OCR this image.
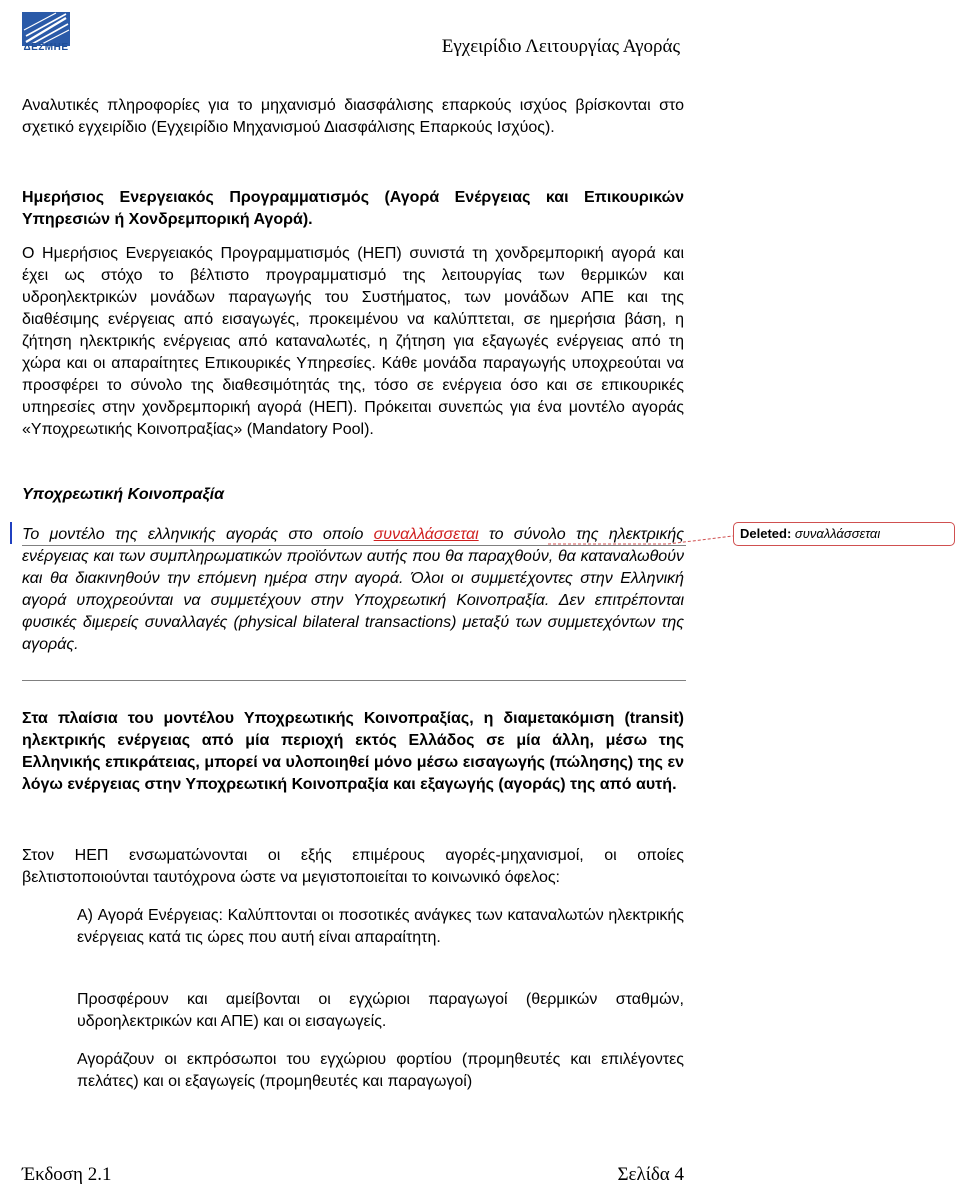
ΔΕΣΜΗΕ	Εγχειρίδιο Λειτουργίας Αγοράς
Αναλυτικές πληροφορίες για το μηχανισμό διασφάλισης επαρκούς ισχύος βρίσκονται στο σχετικό εγχειρίδιο (Εγχειρίδιο Μηχανισμού Διασφάλισης Επαρκούς Ισχύος).
Ημερήσιος Ενεργειακός Προγραμματισμός (Αγορά Ενέργειας και Επικουρικών Υπηρεσιών ή Χονδρεμπορική Αγορά).
Ο Ημερήσιος Ενεργειακός Προγραμματισμός (ΗΕΠ) συνιστά τη χονδρεμπορική αγορά και έχει ως στόχο το βέλτιστο προγραμματισμό της λειτουργίας των θερμικών και υδροηλεκτρικών μονάδων παραγωγής του Συστήματος, των μονάδων ΑΠΕ και της διαθέσιμης ενέργειας από εισαγωγές, προκειμένου να καλύπτεται, σε ημερήσια βάση, η ζήτηση ηλεκτρικής ενέργειας από καταναλωτές, η ζήτηση για εξαγωγές ενέργειας από τη χώρα και οι απαραίτητες Επικουρικές Υπηρεσίες. Κάθε μονάδα παραγωγής υποχρεούται να προσφέρει το σύνολο της διαθεσιμότητάς της, τόσο σε ενέργεια όσο και σε επικουρικές υπηρεσίες στην χονδρεμπορική αγορά (ΗΕΠ). Πρόκειται συνεπώς για ένα μοντέλο αγοράς «Υποχρεωτικής Κοινοπραξίας» (Mandatory Pool).
Υποχρεωτική Κοινοπραξία
Το μοντέλο της ελληνικής αγοράς στο οποίο συναλλάσσεται το σύνολο της ηλεκτρικής ενέργειας και των συμπληρωματικών προϊόντων αυτής που θα παραχθούν, θα καταναλωθούν και θα διακινηθούν την επόμενη ημέρα στην αγορά. Όλοι οι συμμετέχοντες στην Ελληνική αγορά υποχρεούνται να συμμετέχουν στην Υποχρεωτική Κοινοπραξία. Δεν επιτρέπονται φυσικές διμερείς συναλλαγές (physical bilateral transactions) μεταξύ των συμμετεχόντων της αγοράς.
Deleted: συναλλάσσεται
Στα πλαίσια του μοντέλου Υποχρεωτικής Κοινοπραξίας, η διαμετακόμιση (transit) ηλεκτρικής ενέργειας από μία περιοχή εκτός Ελλάδος σε μία άλλη, μέσω της Ελληνικής επικράτειας, μπορεί να υλοποιηθεί μόνο μέσω εισαγωγής (πώλησης) της εν λόγω ενέργειας στην Υποχρεωτική Κοινοπραξία και εξαγωγής (αγοράς) της από αυτή.
Στον ΗΕΠ ενσωματώνονται οι εξής επιμέρους αγορές-μηχανισμοί, οι οποίες βελτιστοποιούνται ταυτόχρονα ώστε να μεγιστοποιείται το κοινωνικό όφελος:
A) Αγορά Ενέργειας: Καλύπτονται οι ποσοτικές ανάγκες των καταναλωτών ηλεκτρικής ενέργειας κατά τις ώρες που αυτή είναι απαραίτητη.
Προσφέρουν και αμείβονται οι εγχώριοι παραγωγοί (θερμικών σταθμών, υδροηλεκτρικών και ΑΠΕ) και οι εισαγωγείς.
Αγοράζουν οι εκπρόσωποι του εγχώριου φορτίου (προμηθευτές και επιλέγοντες πελάτες) και οι εξαγωγείς (προμηθευτές και παραγωγοί)
Έκδοση 2.1	Σελίδα 4
